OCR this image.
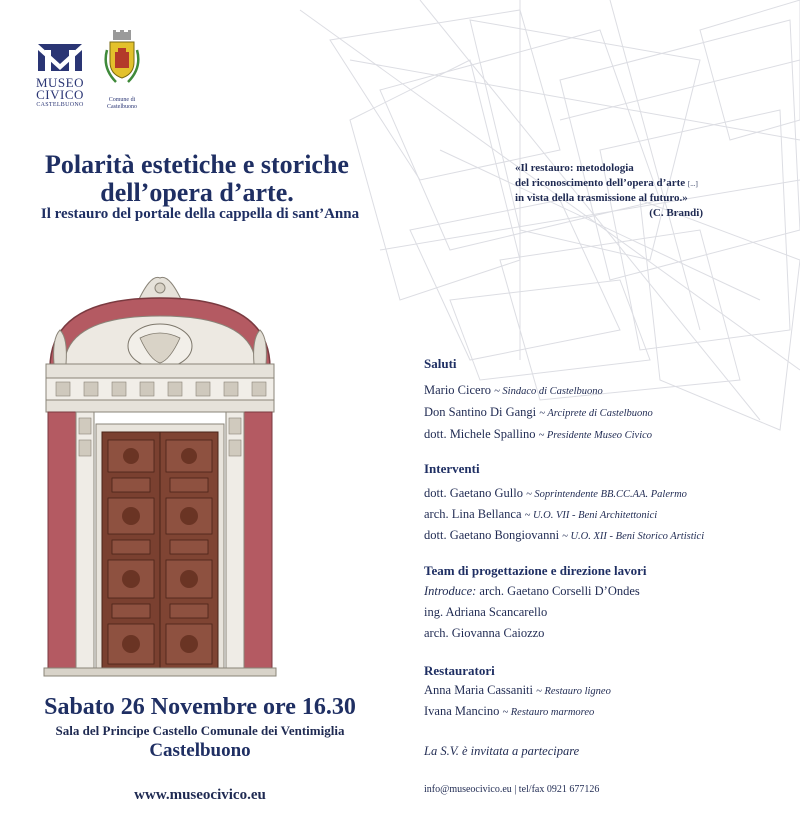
MUSEO
CIVICO
CASTELBUONO
Comune di
Castelbuono
Polarità estetiche e storiche
dell’opera d’arte.
Il restauro del portale della cappella di sant’Anna
«Il restauro: metodologia
del riconoscimento dell’opera d’arte [...]
in vista della trasmissione al futuro.»
(C. Brandi)
Saluti
Mario Cicero ~ Sindaco di Castelbuono
Don Santino Di Gangi ~ Arciprete di Castelbuono
dott. Michele Spallino ~ Presidente Museo Civico
Interventi
dott. Gaetano Gullo ~ Soprintendente BB.CC.AA. Palermo
arch. Lina Bellanca ~ U.O. VII - Beni Architettonici
dott. Gaetano Bongiovanni ~ U.O. XII - Beni Storico Artistici
Team di progettazione e direzione lavori
Introduce: arch. Gaetano Corselli D’Ondes
ing. Adriana Scancarello
arch. Giovanna Caiozzo
Restauratori
Anna Maria Cassaniti ~ Restauro ligneo
Ivana Mancino ~ Restauro marmoreo
Sabato 26 Novembre ore 16.30
Sala del Principe Castello Comunale dei Ventimiglia
Castelbuono
www.museocivico.eu
La S.V. è invitata a partecipare
info@museocivico.eu | tel/fax 0921 677126
